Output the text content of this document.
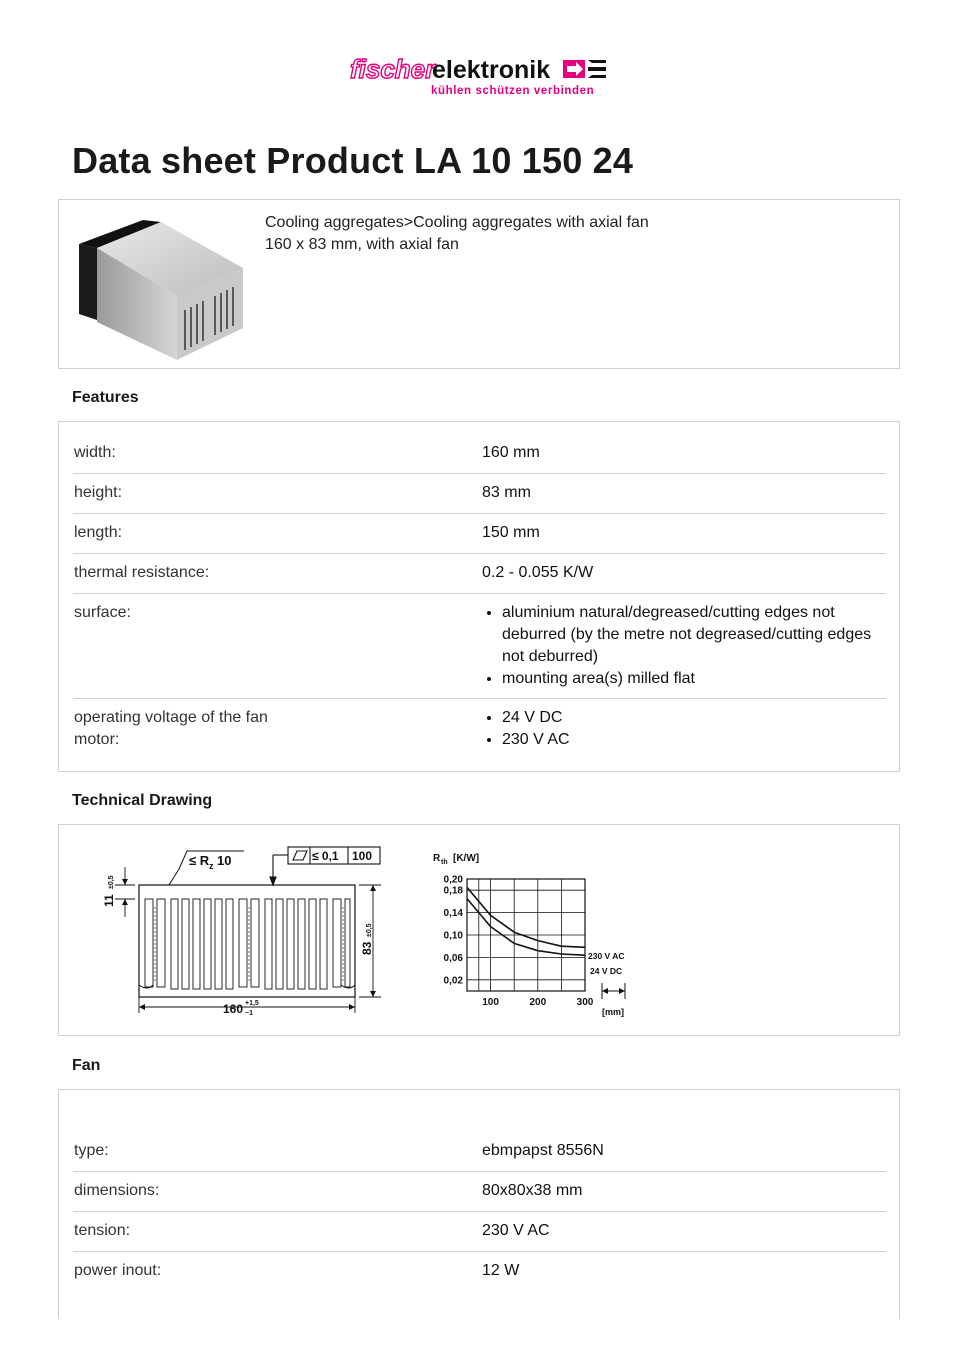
fischer
elektronik
kühlen schützen verbinden
Data sheet Product LA 10 150 24
Cooling aggregates>Cooling aggregates with axial fan
160 x 83 mm, with axial fan
Features
width:	160 mm
height:	83 mm
length:	150 mm
thermal resistance:	0.2 - 0.055 K/W
surface:
•	aluminium natural/degreased/cutting edges not deburred (by the metre not degreased/cutting edges not deburred)
• mounting area(s) milled flat
operating voltage of the fan motor:
• 24 V DC
• 230 V AC
Technical Drawing
≤ R z 10	≤ 0,1 100
11
±0,5
83
±0,5
160 +1,5
−1
R th [K/W]
0,20
0,18
0,14
0,10
0,06
0,02
100	200	300
230 V AC
24 V DC
[mm]
Fan
type:	ebmpapst 8556N
dimensions:	80x80x38 mm
tension:	230 V AC
power inout:	12 W
